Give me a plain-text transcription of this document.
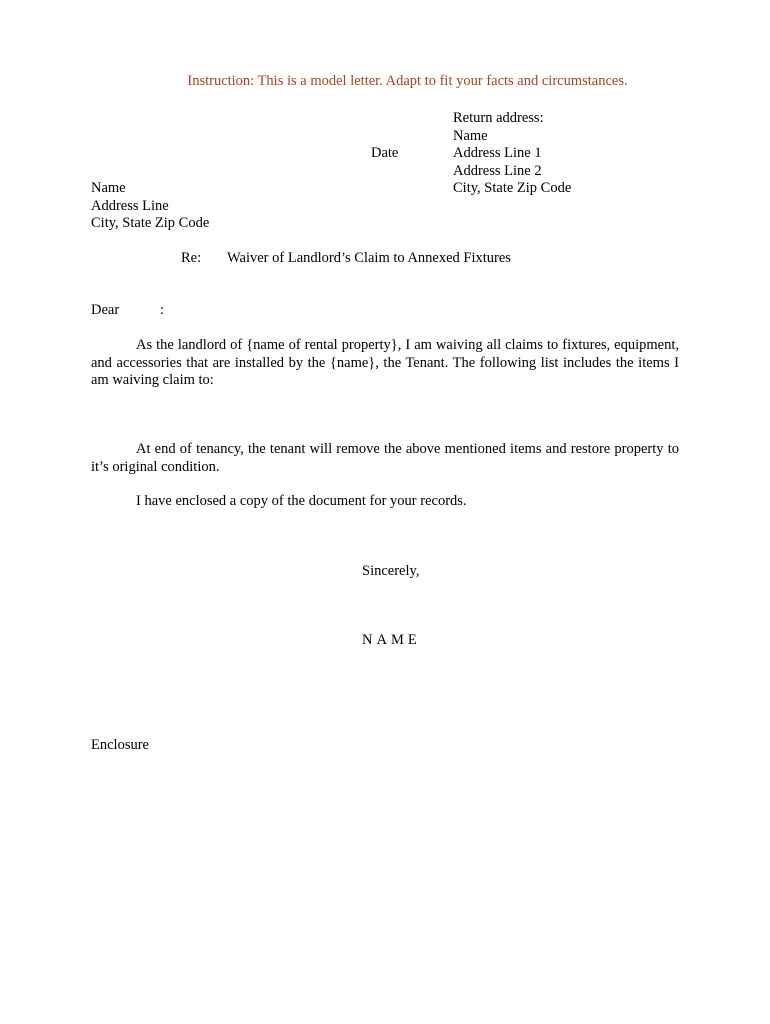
Instruction: This is a model letter. Adapt to fit your facts and circumstances.
Return address:
Name
Address Line 1
Address Line 2
City, State Zip Code
Date
Name
Address Line
City, State Zip Code
Re: Waiver of Landlord’s Claim to Annexed Fixtures
Dear	:
As the landlord of {name of rental property}, I am waiving all claims to fixtures, equipment, and accessories that are installed by the {name}, the Tenant. The following list includes the items I am waiving claim to:
At end of tenancy, the tenant will remove the above mentioned items and restore property to it’s original condition.
I have enclosed a copy of the document for your records.
Sincerely,
NAME
Enclosure
